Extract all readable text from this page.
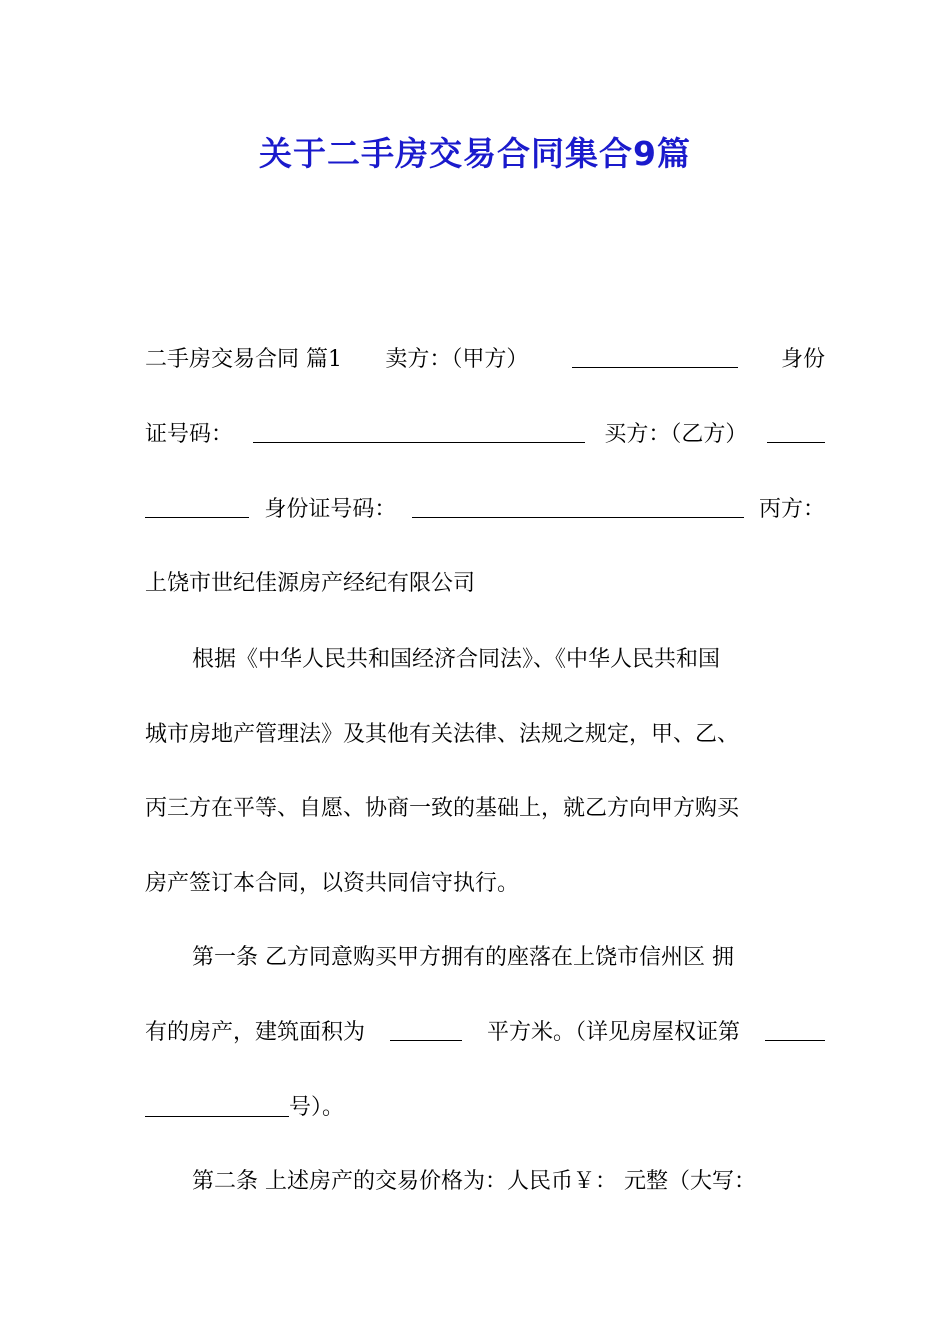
关于二手房交易合同集合9篇
二手房交易合同 篇1 卖方：（甲方）	身份
证号码：	买方：（乙方）
身份证号码：	丙方：
上饶市世纪佳源房产经纪有限公司
根据《中华人民共和国经济合同法》、《中华人民共和国
城市房地产管理法》及其他有关法律、法规之规定，甲、乙、
丙三方在平等、自愿、协商一致的基础上，就乙方向甲方购买
房产签订本合同，以资共同信守执行。
第一条 乙方同意购买甲方拥有的座落在上饶市信州区 拥
有的房产，建筑面积为	平方米。（详见房屋权证第
号）。
第二条 上述房产的交易价格为：人民币￥： 元整（大写：
